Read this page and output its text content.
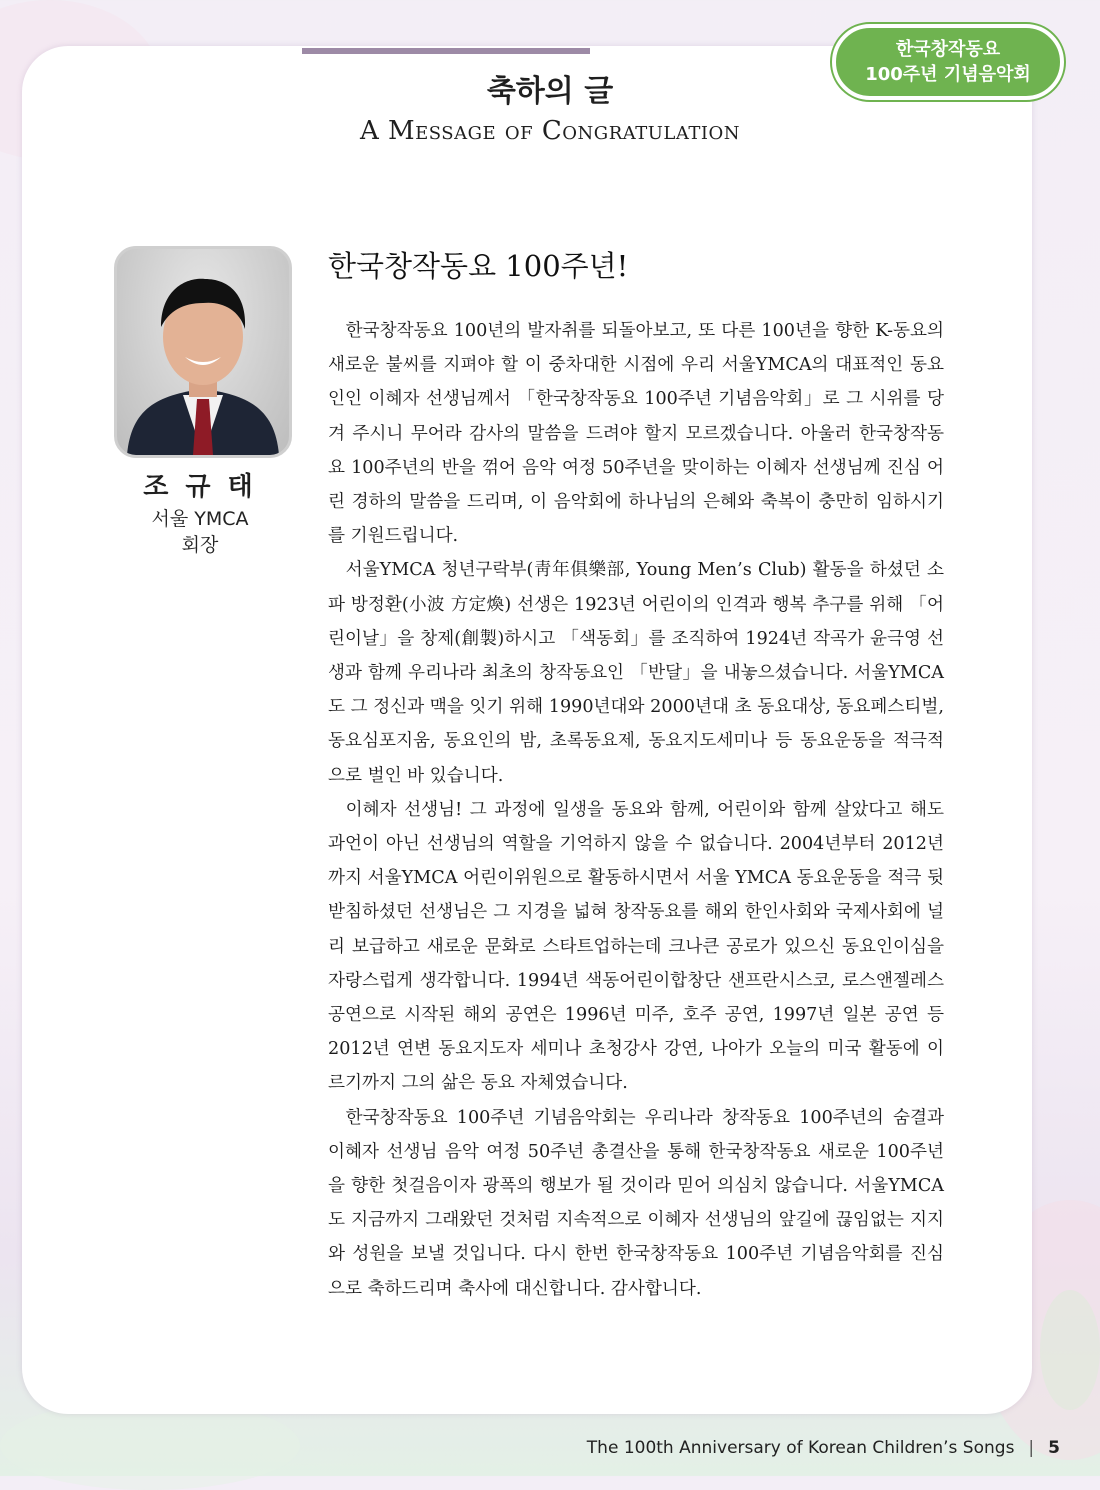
한국창작동요
100주년 기념음악회
축하의 글
A Message of Congratulation
조 규 태
서울 YMCA
회장
한국창작동요 100주년!

한국창작동요 100년의 발자취를 되돌아보고, 또 다른 100년을 향한 K-동요의 새로운 불씨를 지펴야 할 이 중차대한 시점에 우리 서울YMCA의 대표적인 동요인인 이혜자 선생님께서 「한국창작동요 100주년 기념음악회」로 그 시위를 당겨 주시니 무어라 감사의 말씀을 드려야 할지 모르겠습니다. 아울러 한국창작동요 100주년의 반을 꺾어 음악 여정 50주년을 맞이하는 이혜자 선생님께 진심 어린 경하의 말씀을 드리며, 이 음악회에 하나님의 은혜와 축복이 충만히 임하시기를 기원드립니다.

서울YMCA 청년구락부(靑年俱樂部, Young Men’s Club) 활동을 하셨던 소파 방정환(小波 方定煥) 선생은 1923년 어린이의 인격과 행복 추구를 위해 「어린이날」을 창제(創製)하시고 「색동회」를 조직하여 1924년 작곡가 윤극영 선생과 함께 우리나라 최초의 창작동요인 「반달」을 내놓으셨습니다. 서울YMCA도 그 정신과 맥을 잇기 위해 1990년대와 2000년대 초 동요대상, 동요페스티벌, 동요심포지움, 동요인의 밤, 초록동요제, 동요지도세미나 등 동요운동을 적극적으로 벌인 바 있습니다.

이혜자 선생님! 그 과정에 일생을 동요와 함께, 어린이와 함께 살았다고 해도 과언이 아닌 선생님의 역할을 기억하지 않을 수 없습니다. 2004년부터 2012년까지 서울YMCA 어린이위원으로 활동하시면서 서울 YMCA 동요운동을 적극 뒷받침하셨던 선생님은 그 지경을 넓혀 창작동요를 해외 한인사회와 국제사회에 널리 보급하고 새로운 문화로 스타트업하는데 크나큰 공로가 있으신 동요인이심을 자랑스럽게 생각합니다. 1994년 색동어린이합창단 샌프란시스코, 로스앤젤레스 공연으로 시작된 해외 공연은 1996년 미주, 호주 공연, 1997년 일본 공연 등 2012년 연변 동요지도자 세미나 초청강사 강연, 나아가 오늘의 미국 활동에 이르기까지 그의 삶은 동요 자체였습니다.

한국창작동요 100주년 기념음악회는 우리나라 창작동요 100주년의 숨결과 이혜자 선생님 음악 여정 50주년 총결산을 통해 한국창작동요 새로운 100주년을 향한 첫걸음이자 광폭의 행보가 될 것이라 믿어 의심치 않습니다. 서울YMCA도 지금까지 그래왔던 것처럼 지속적으로 이혜자 선생님의 앞길에 끊임없는 지지와 성원을 보낼 것입니다. 다시 한번 한국창작동요 100주년 기념음악회를 진심으로 축하드리며 축사에 대신합니다. 감사합니다.

The 100th Anniversary of Korean Children’s Songs | 5
